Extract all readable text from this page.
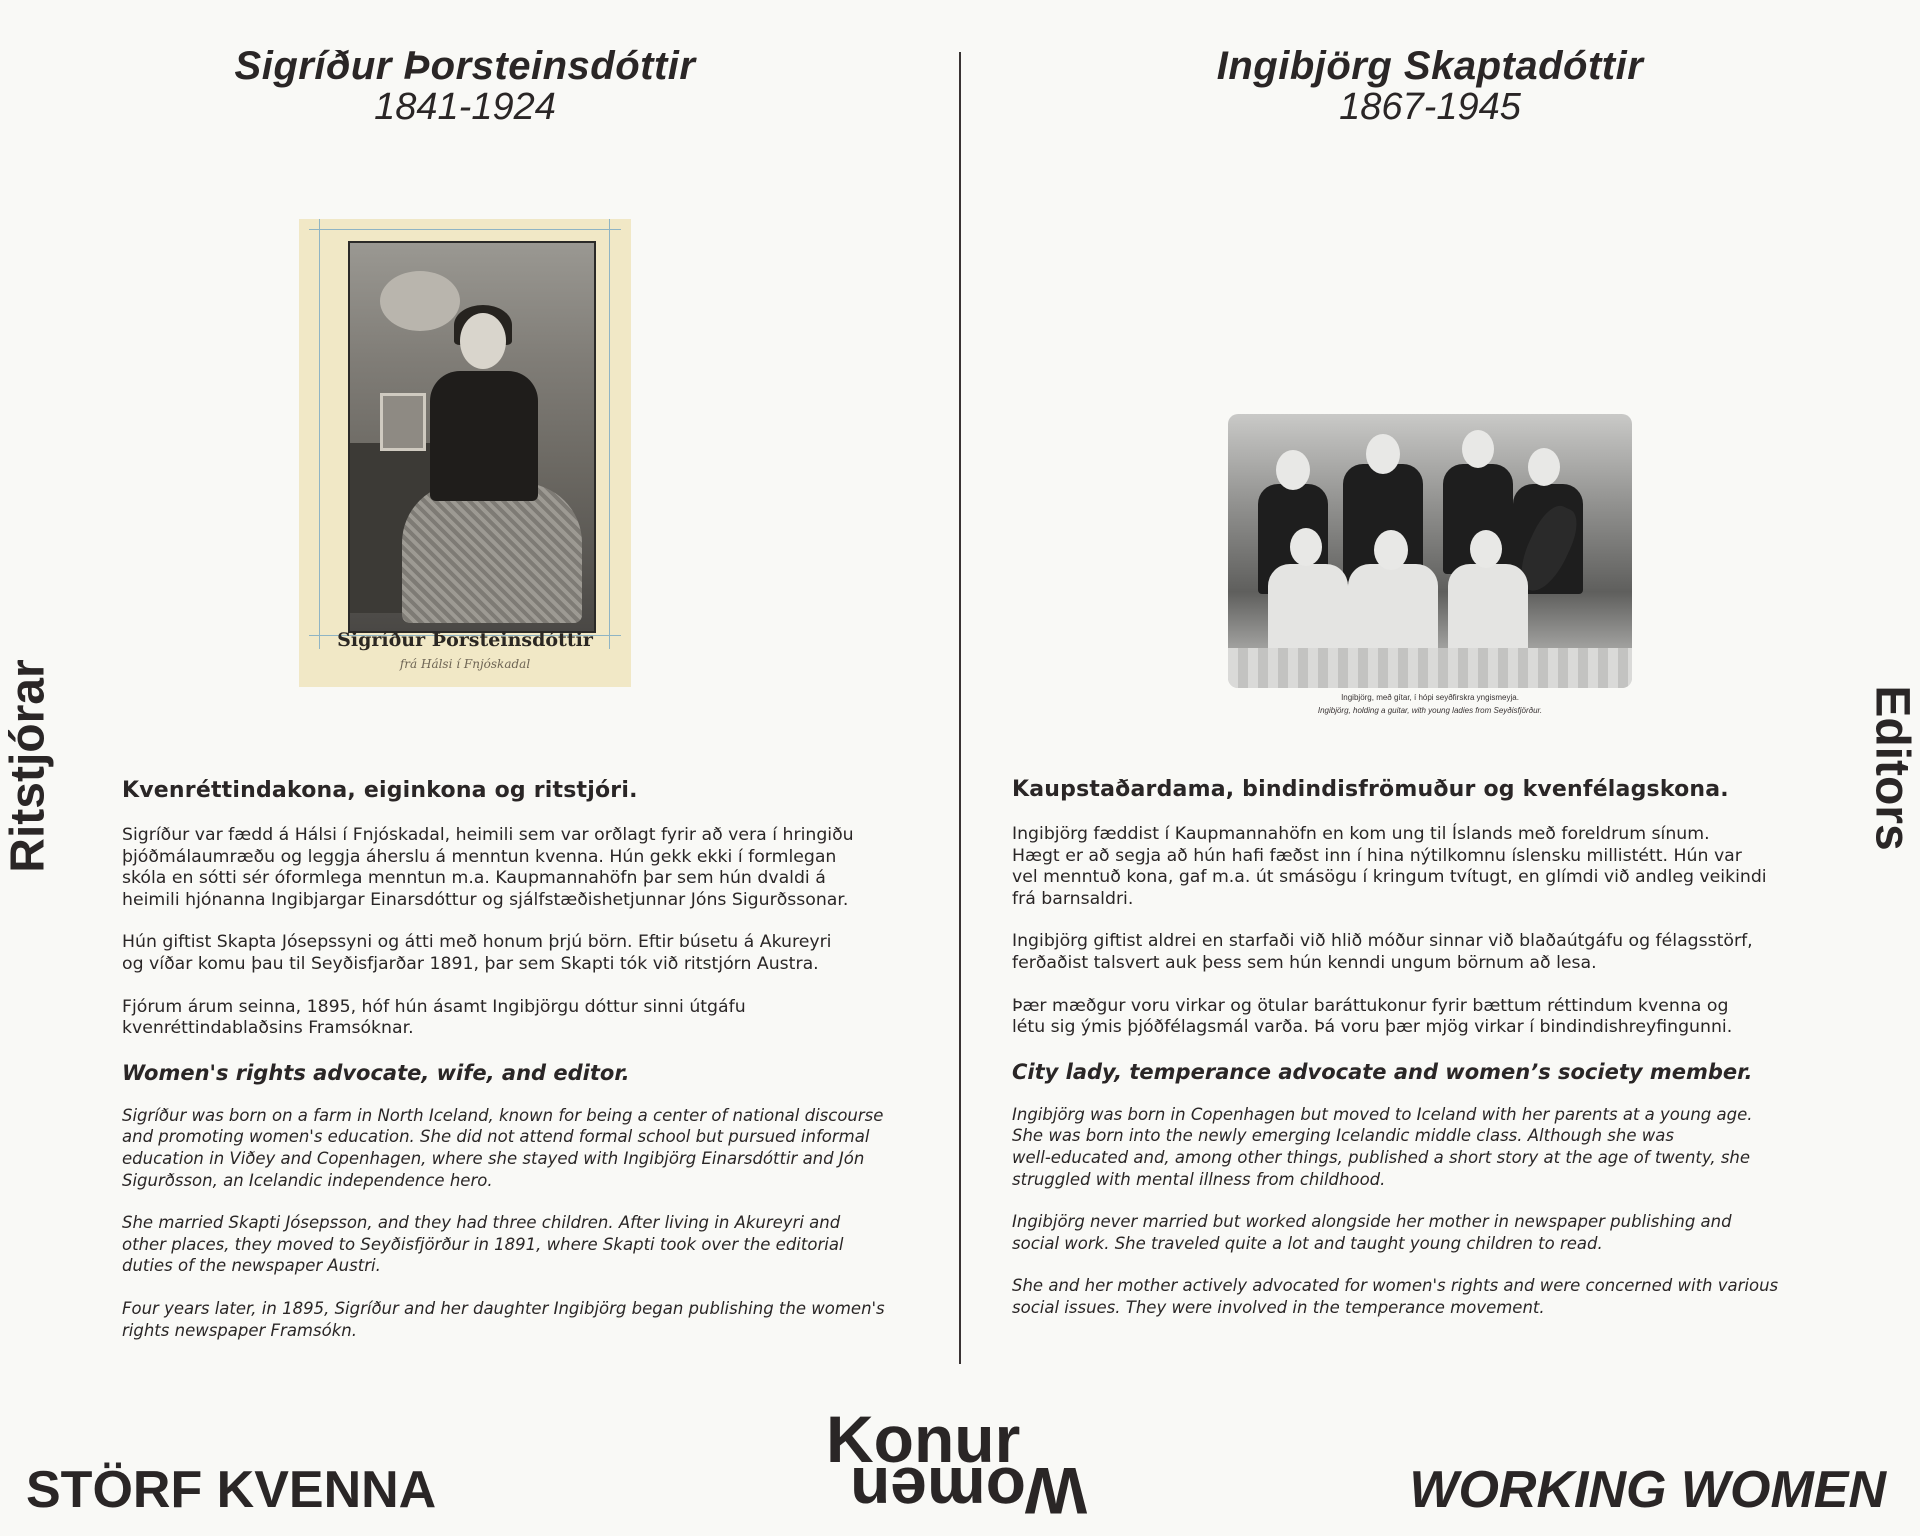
Sigríður Þorsteinsdóttir
1841-1924
Sigríður Þorsteinsdóttir
frá Hálsi í Fnjóskadal
Kvenréttindakona, eiginkona og ritstjóri.
Sigríður var fædd á Hálsi í Fnjóskadal, heimili sem var orðlagt fyrir að vera í hringiðu
þjóðmálaumræðu og leggja áherslu á menntun kvenna. Hún gekk ekki í formlegan
skóla en sótti sér óformlega menntun m.a. Kaupmannahöfn þar sem hún dvaldi á
heimili hjónanna Ingibjargar Einarsdóttur og sjálfstæðishetjunnar Jóns Sigurðssonar.
Hún giftist Skapta Jósepssyni og átti með honum þrjú börn. Eftir búsetu á Akureyri
og víðar komu þau til Seyðisfjarðar 1891, þar sem Skapti tók við ritstjórn Austra.
Fjórum árum seinna, 1895, hóf hún ásamt Ingibjörgu dóttur sinni útgáfu
kvenréttindablaðsins Framsóknar.
Women's rights advocate, wife, and editor.
Sigríður was born on a farm in North Iceland, known for being a center of national discourse
and promoting women's education. She did not attend formal school but pursued informal
education in Viðey and Copenhagen, where she stayed with Ingibjörg Einarsdóttir and Jón
Sigurðsson, an Icelandic independence hero.
She married Skapti Jósepsson, and they had three children. After living in Akureyri and
other places, they moved to Seyðisfjörður in 1891, where Skapti took over the editorial
duties of the newspaper Austri.
Four years later, in 1895, Sigríður and her daughter Ingibjörg began publishing the women's
rights newspaper Framsókn.
Ingibjörg Skaptadóttir
1867-1945
Ingibjörg, með gítar, í hópi seyðfirskra yngismeyja.
Ingibjörg, holding a guitar, with young ladies from Seyðisfjörður.
Kaupstaðardama, bindindisfrömuður og kvenfélagskona.
Ingibjörg fæddist í Kaupmannahöfn en kom ung til Íslands með foreldrum sínum.
Hægt er að segja að hún hafi fæðst inn í hina nýtilkomnu íslensku millistétt. Hún var
vel menntuð kona, gaf m.a. út smásögu í kringum tvítugt, en glímdi við andleg veikindi
frá barnsaldri.
Ingibjörg giftist aldrei en starfaði við hlið móður sinnar við blaðaútgáfu og félagsstörf,
ferðaðist talsvert auk þess sem hún kenndi ungum börnum að lesa.
Þær mæðgur voru virkar og ötular baráttukonur fyrir bættum réttindum kvenna og
létu sig ýmis þjóðfélagsmál varða. Þá voru þær mjög virkar í bindindishreyfingunni.
City lady, temperance advocate and women’s society member.
Ingibjörg was born in Copenhagen but moved to Iceland with her parents at a young age.
She was born into the newly emerging Icelandic middle class. Although she was
well-educated and, among other things, published a short story at the age of twenty, she
struggled with mental illness from childhood.
Ingibjörg never married but worked alongside her mother in newspaper publishing and
social work. She traveled quite a lot and taught young children to read.
She and her mother actively advocated for women's rights and were concerned with various
social issues. They were involved in the temperance movement.
Ritstjórar	Editors
STÖRF KVENNA
Konur
Women	WORKING WOMEN
